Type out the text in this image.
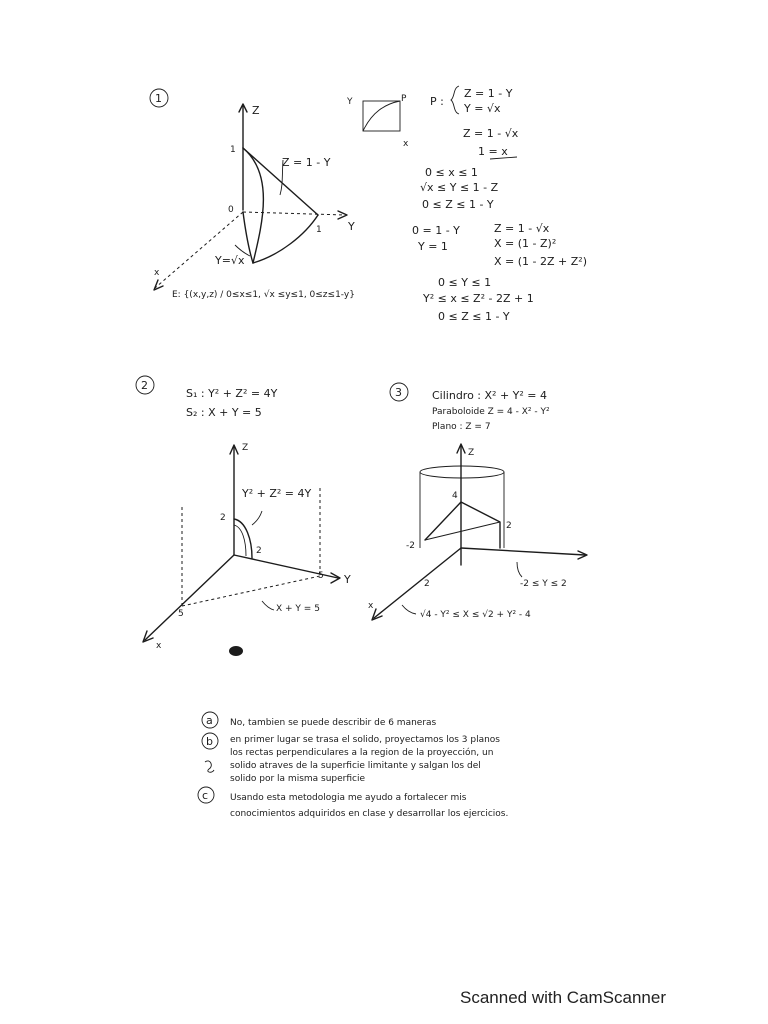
1
Z
Y
x
0
1
1
Z = 1 - Y
Y=√x
Y	P
x
P :
Z = 1 - Y
Y = √x
Z = 1 - √x
1 = x
0 ≤ x ≤ 1
√x ≤ Y ≤ 1 - Z
0 ≤ Z ≤ 1 - Y
0 = 1 - Y
Y = 1
Z = 1 - √x
X = (1 - Z)²
X = (1 - 2Z + Z²)
E: {(x,y,z) / 0≤x≤1, √x ≤y≤1, 0≤z≤1-y}
0 ≤ Y ≤ 1
Y² ≤ x ≤ Z² - 2Z + 1
0 ≤ Z ≤ 1 - Y
2
S₁ : Y² + Z² = 4Y
S₂ : X + Y = 5
Z
Y
x
2
2
5
5
Y² + Z² = 4Y
X + Y = 5
3	Cilindro : X² + Y² = 4
Paraboloide Z = 4 - X² - Y²
Plano : Z = 7
Z
x
4
2
-2
2	-2 ≤ Y ≤ 2
√4 - Y² ≤ X ≤ √2 + Y² - 4
a No, tambien se puede describir de 6 maneras
b en primer lugar se trasa el solido, proyectamos los 3 planos
los rectas perpendiculares a la region de la proyección, un
solido atraves de la superficie limitante y salgan los del
solido por la misma superficie
c Usando esta metodologia me ayudo a fortalecer mis
conocimientos adquiridos en clase y desarrollar los ejercicios.
Scanned with CamScanner
